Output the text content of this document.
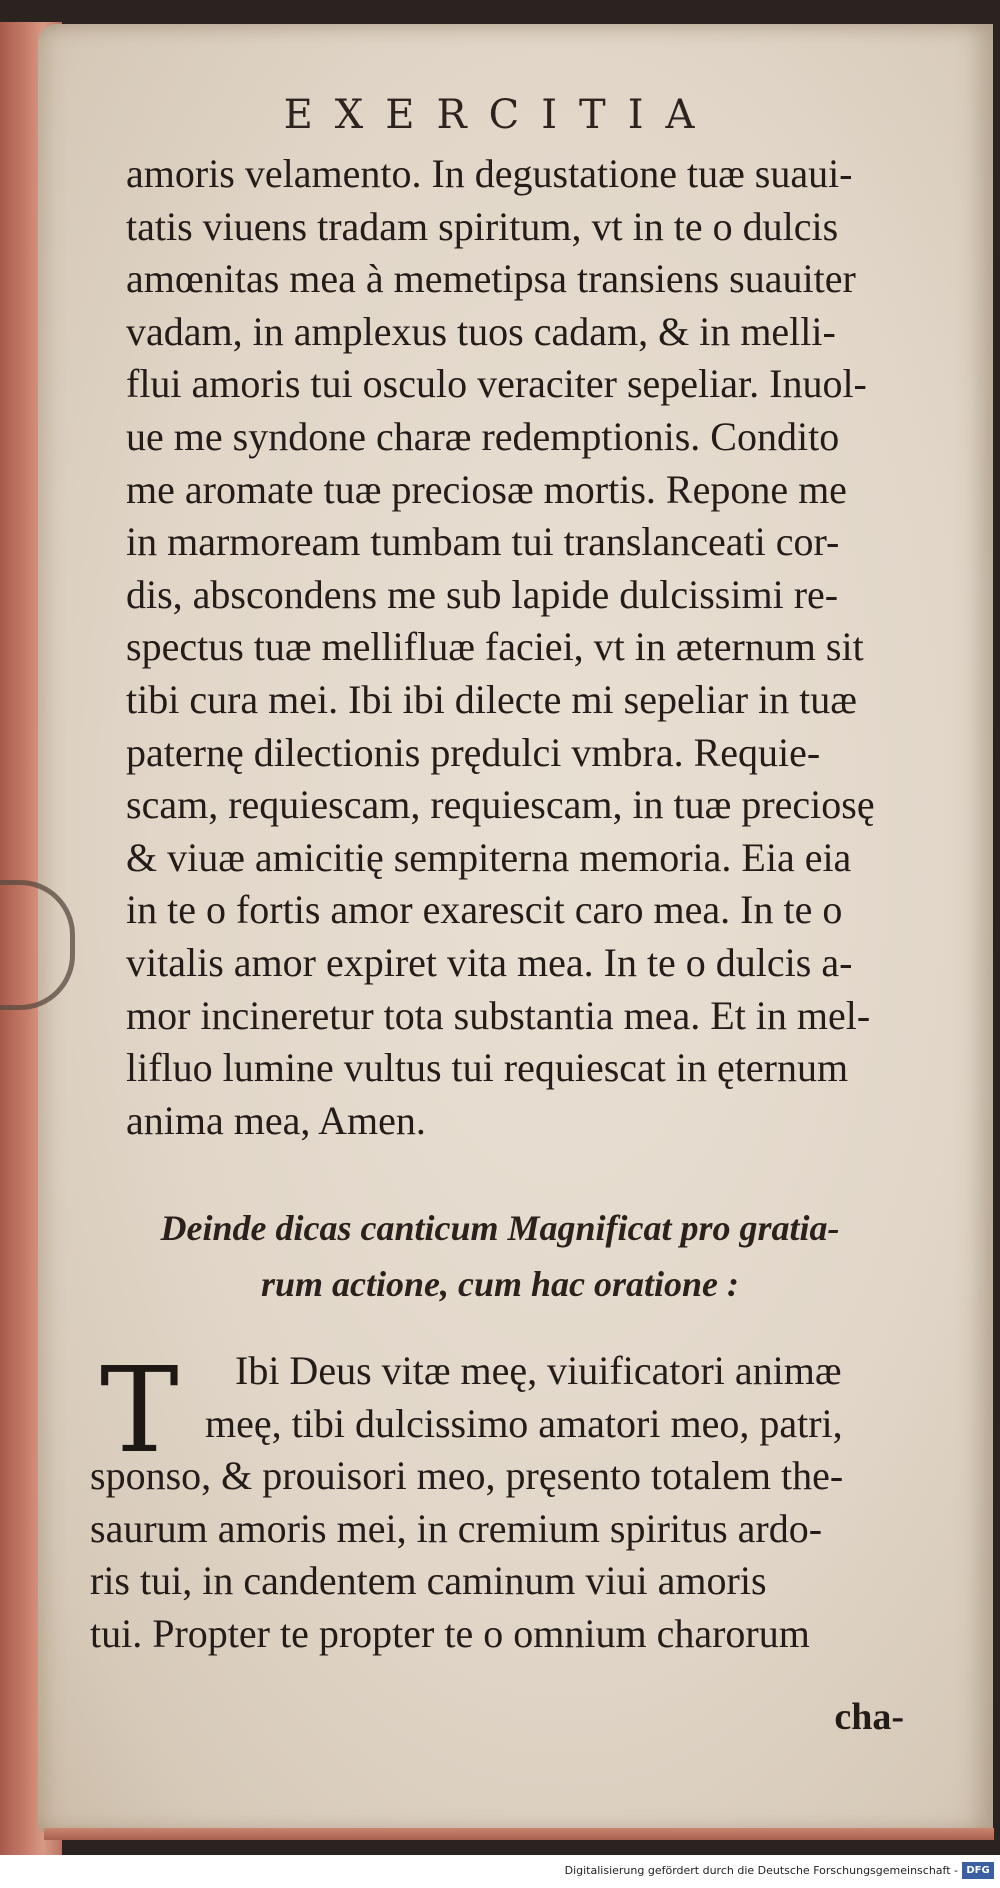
EXERCITIA
amoris velamento. In degustatione tuæ suaui-
tatis viuens tradam spiritum, vt in te o dulcis
amœnitas mea à memetipsa transiens suauiter
vadam, in amplexus tuos cadam, & in melli-
flui amoris tui osculo veraciter sepeliar. Inuol-
ue me syndone charæ redemptionis. Condito
me aromate tuæ preciosæ mortis. Repone me
in marmoream tumbam tui translanceati cor-
dis, abscondens me sub lapide dulcissimi re-
spectus tuæ mellifluæ faciei, vt in æternum sit
tibi cura mei. Ibi ibi dilecte mi sepeliar in tuæ
paternę dilectionis prędulci vmbra. Requie-
scam, requiescam, requiescam, in tuæ preciosę
& viuæ amicitię sempiterna memoria. Eia eia
in te o fortis amor exarescit caro mea. In te o
vitalis amor expiret vita mea. In te o dulcis a-
mor incineretur tota substantia mea. Et in mel-
lifluo lumine vultus tui requiescat in ęternum
anima mea, Amen.
Deinde dicas canticum Magnificat pro gratia-
rum actione, cum hac oratione :
T	Ibi Deus vitæ meę, viuificatori animæ
meę, tibi dulcissimo amatori meo, patri,
sponso, & prouisori meo, pręsento totalem the-
saurum amoris mei, in cremium spiritus ardo-
ris tui, in candentem caminum viui amoris
tui. Propter te propter te o omnium charorum
cha-
Digitalisierung gefördert durch die Deutsche Forschungsgemeinschaft - DFG
